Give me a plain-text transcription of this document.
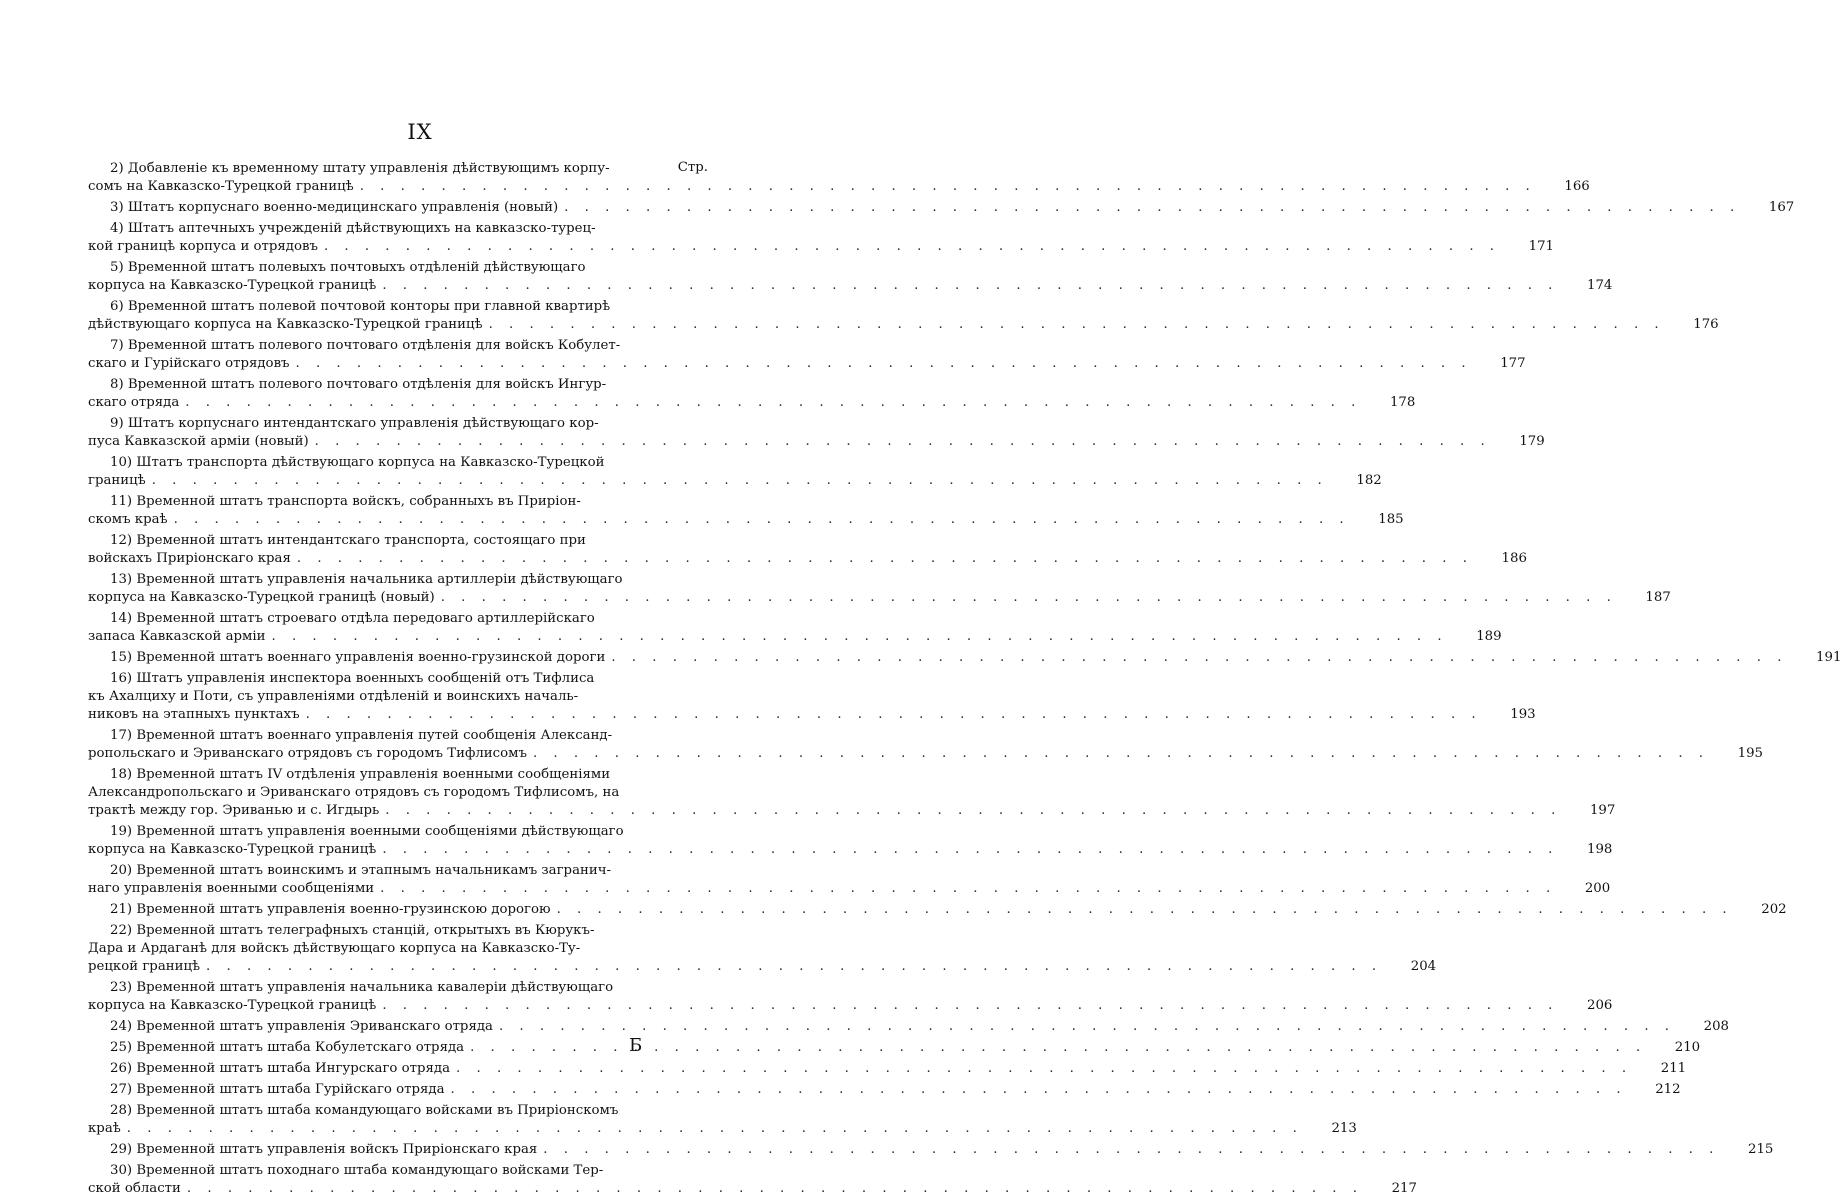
IX
Стр.
2) Добавленіе къ временному штату управленія дѣйствующимъ корпу-
сомъ на Кавказско-Турецкой границѣ . . .	166
3) Штатъ корпуснаго военно-медицинскаго управленія (новый) . . .	167
4) Штатъ аптечныхъ учрежденій дѣйствующихъ на кавказско-турец-
кой границѣ корпуса и отрядовъ . . .	171
5) Временной штатъ полевыхъ почтовыхъ отдѣленій дѣйствующаго
корпуса на Кавказско-Турецкой границѣ . . .	174
6) Временной штатъ полевой почтовой конторы при главной квартирѣ
дѣйствующаго корпуса на Кавказско-Турецкой границѣ . . .	176
7) Временной штатъ полевого почтоваго отдѣленія для войскъ Кобулет-
скаго и Гурійскаго отрядовъ . . .	177
8) Временной штатъ полевого почтоваго отдѣленія для войскъ Ингур-
скаго отряда . . .	178
9) Штатъ корпуснаго интендантскаго управленія дѣйствующаго кор-
пуса Кавказской арміи (новый) . . .	179
10) Штатъ транспорта дѣйствующаго корпуса на Кавказско-Турецкой
границѣ . . .	182
11) Временной штатъ транспорта войскъ, собранныхъ въ Приріон-
скомъ краѣ . . .	185
12) Временной штатъ интендантскаго транспорта, состоящаго при
войскахъ Приріонскаго края . . .	186
13) Временной штатъ управленія начальника артиллеріи дѣйствующаго
корпуса на Кавказско-Турецкой границѣ (новый) . . .	187
14) Временной штатъ строеваго отдѣла передоваго артиллерійскаго
запаса Кавказской арміи . . .	189
15) Временной штатъ военнаго управленія военно-грузинской дороги . . .	191
16) Штатъ управленія инспектора военныхъ сообщеній отъ Тифлиса
къ Ахалциху и Поти, съ управленіями отдѣленій и воинскихъ началь-
никовъ на этапныхъ пунктахъ . . .	193
17) Временной штатъ военнаго управленія путей сообщенія Александ-
ропольскаго и Эриванскаго отрядовъ съ городомъ Тифлисомъ . . .	195
18) Временной штатъ IV отдѣленія управленія военными сообщеніями
Александропольскаго и Эриванскаго отрядовъ съ городомъ Тифлисомъ, на
трактѣ между гор. Эриванью и с. Игдырь . . .	197
19) Временной штатъ управленія военными сообщеніями дѣйствующаго
корпуса на Кавказско-Турецкой границѣ . . .	198
20) Временной штатъ воинскимъ и этапнымъ начальникамъ загранич-
наго управленія военными сообщеніями . . .	200
21) Временной штатъ управленія военно-грузинскою дорогою . . .	202
22) Временной штатъ телеграфныхъ станцій, открытыхъ въ Кюрукъ-
Дара и Ардаганѣ для войскъ дѣйствующаго корпуса на Кавказско-Ту-
рецкой границѣ . . .	204
23) Временной штатъ управленія начальника кавалеріи дѣйствующаго
корпуса на Кавказско-Турецкой границѣ . . .	206
24) Временной штатъ управленія Эриванскаго отряда . . .	208
25) Временной штатъ штаба Кобулетскаго отряда . . .	210
26) Временной штатъ штаба Ингурскаго отряда . . .	211
27) Временной штатъ штаба Гурійскаго отряда . . .	212
28) Временной штатъ штаба командующаго войсками въ Приріонскомъ
краѣ . . .	213
29) Временной штатъ управленія войскъ Приріонскаго края . . .	215
30) Временной штатъ походнаго штаба командующаго войсками Тер-
ской области . . .	217
Б
